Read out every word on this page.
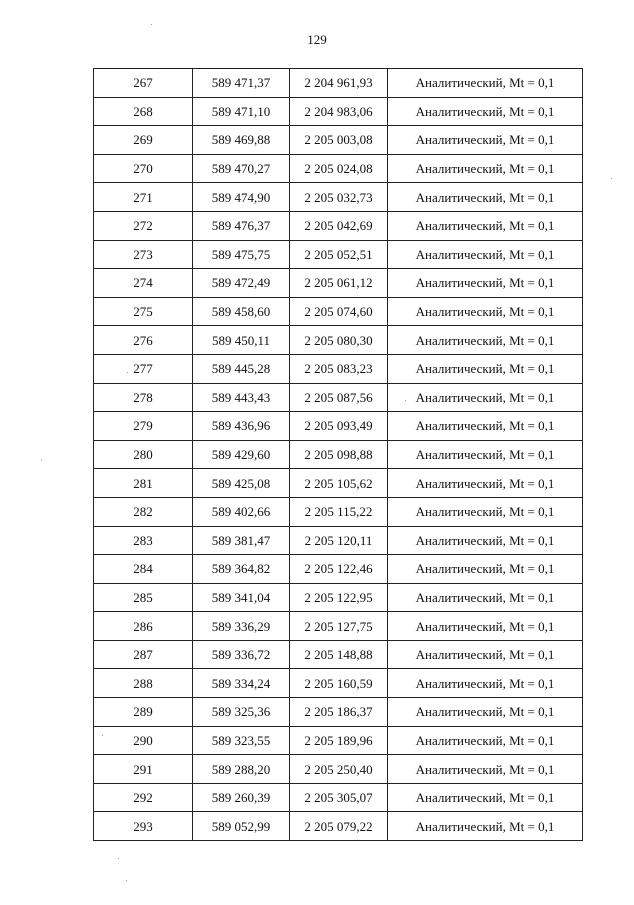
129
267	589 471,37	2 204 961,93	Аналитический, Mt = 0,1
268	589 471,10	2 204 983,06	Аналитический, Mt = 0,1
269	589 469,88	2 205 003,08	Аналитический, Mt = 0,1
270	589 470,27	2 205 024,08	Аналитический, Mt = 0,1
271	589 474,90	2 205 032,73	Аналитический, Mt = 0,1
272	589 476,37	2 205 042,69	Аналитический, Mt = 0,1
273	589 475,75	2 205 052,51	Аналитический, Mt = 0,1
274	589 472,49	2 205 061,12	Аналитический, Mt = 0,1
275	589 458,60	2 205 074,60	Аналитический, Mt = 0,1
276	589 450,11	2 205 080,30	Аналитический, Mt = 0,1
277	589 445,28	2 205 083,23	Аналитический, Mt = 0,1
278	589 443,43	2 205 087,56	Аналитический, Mt = 0,1
279	589 436,96	2 205 093,49	Аналитический, Mt = 0,1
280	589 429,60	2 205 098,88	Аналитический, Mt = 0,1
281	589 425,08	2 205 105,62	Аналитический, Mt = 0,1
282	589 402,66	2 205 115,22	Аналитический, Mt = 0,1
283	589 381,47	2 205 120,11	Аналитический, Mt = 0,1
284	589 364,82	2 205 122,46	Аналитический, Mt = 0,1
285	589 341,04	2 205 122,95	Аналитический, Mt = 0,1
286	589 336,29	2 205 127,75	Аналитический, Mt = 0,1
287	589 336,72	2 205 148,88	Аналитический, Mt = 0,1
288	589 334,24	2 205 160,59	Аналитический, Mt = 0,1
289	589 325,36	2 205 186,37	Аналитический, Mt = 0,1
290	589 323,55	2 205 189,96	Аналитический, Mt = 0,1
291	589 288,20	2 205 250,40	Аналитический, Mt = 0,1
292	589 260,39	2 205 305,07	Аналитический, Mt = 0,1
293	589 052,99	2 205 079,22	Аналитический, Mt = 0,1
